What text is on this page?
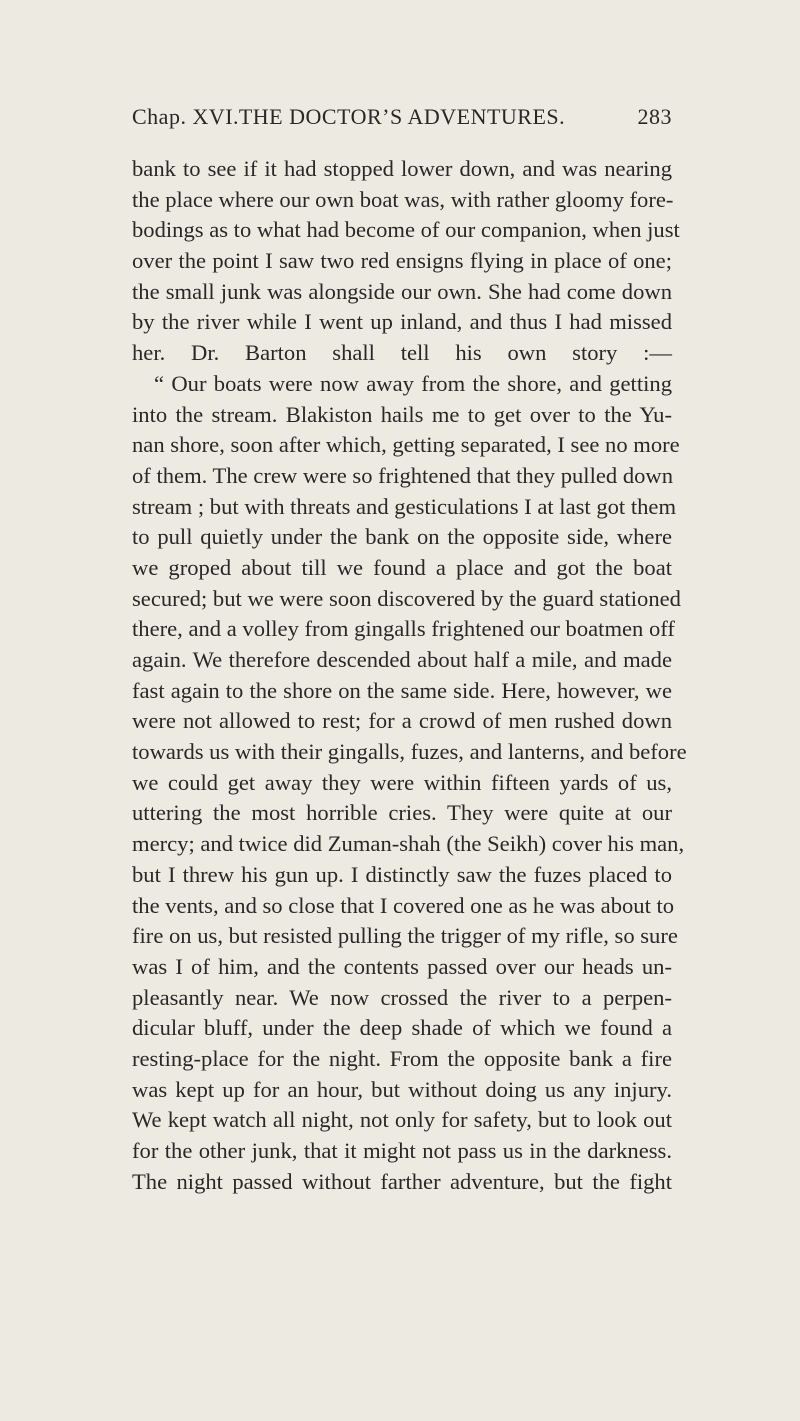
Chap. XVI. THE DOCTOR’S ADVENTURES.	283
bank to see if it had stopped lower down, and was nearing
the place where our own boat was, with rather gloomy fore-
bodings as to what had become of our companion, when just
over the point I saw two red ensigns flying in place of one;
the small junk was alongside our own. She had come down
by the river while I went up inland, and thus I had missed
her. Dr. Barton shall tell his own story :—
“ Our boats were now away from the shore, and getting
into the stream. Blakiston hails me to get over to the Yu-
nan shore, soon after which, getting separated, I see no more
of them. The crew were so frightened that they pulled down
stream ; but with threats and gesticulations I at last got them
to pull quietly under the bank on the opposite side, where
we groped about till we found a place and got the boat
secured; but we were soon discovered by the guard stationed
there, and a volley from gingalls frightened our boatmen off
again. We therefore descended about half a mile, and made
fast again to the shore on the same side. Here, however, we
were not allowed to rest; for a crowd of men rushed down
towards us with their gingalls, fuzes, and lanterns, and before
we could get away they were within fifteen yards of us,
uttering the most horrible cries. They were quite at our
mercy; and twice did Zuman-shah (the Seikh) cover his man,
but I threw his gun up. I distinctly saw the fuzes placed to
the vents, and so close that I covered one as he was about to
fire on us, but resisted pulling the trigger of my rifle, so sure
was I of him, and the contents passed over our heads un-
pleasantly near. We now crossed the river to a perpen-
dicular bluff, under the deep shade of which we found a
resting-place for the night. From the opposite bank a fire
was kept up for an hour, but without doing us any injury.
We kept watch all night, not only for safety, but to look out
for the other junk, that it might not pass us in the darkness.
The night passed without farther adventure, but the fight
